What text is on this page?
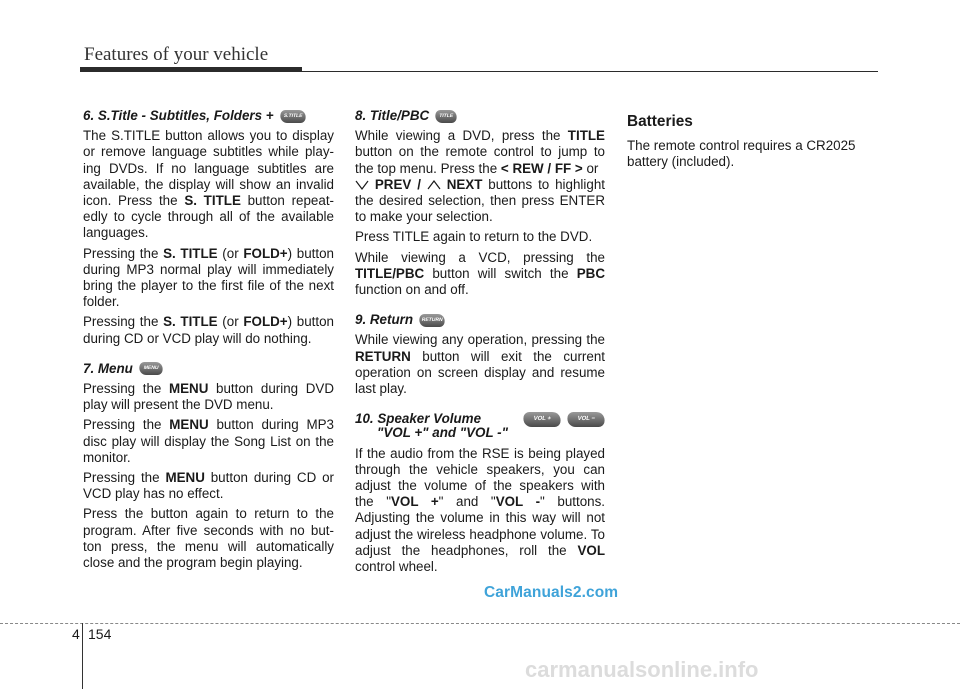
Features of your vehicle
6. S.Title - Subtitles, Folders +	S.TITLE

The S.TITLE button allows you to display or remove language subtitles while play-ing DVDs. If no language subtitles are available, the display will show an invalid icon. Press the S. TITLE button repeat-edly to cycle through all of the available languages.

Pressing the S. TITLE (or FOLD+) button during MP3 normal play will immediately bring the player to the first file of the next folder.

Pressing the S. TITLE (or FOLD+) button during CD or VCD play will do nothing.

7. Menu	MENU

Pressing the MENU button during DVD play will present the DVD menu.

Pressing the MENU button during MP3 disc play will display the Song List on the monitor.

Pressing the MENU button during CD or VCD play has no effect.

Press the button again to return to the program. After five seconds with no but-ton press, the menu will automatically close and the program begin playing.

8. Title/PBC	TITLE

While viewing a DVD, press the TITLE button on the remote control to jump to the top menu. Press the < REW / FF > or
PREV / NEXT buttons to highlight the desired selection, then press ENTER to make your selection.

Press TITLE again to return to the DVD.

While viewing a VCD, pressing the TITLE/PBC button will switch the PBC function on and off.

9. Return	RETURN

While viewing any operation, pressing the RETURN button will exit the current operation on screen display and resume last play.

10. Speaker Volume	VOL +	VOL −
"VOL +" and "VOL -"

If the audio from the RSE is being played through the vehicle speakers, you can adjust the volume of the speakers with the "VOL +" and "VOL -" buttons. Adjusting the volume in this way will not adjust the wireless headphone volume. To adjust the headphones, roll the VOL control wheel.

Batteries

The remote control requires a CR2025 battery (included).

CarManuals2.com
4 154
carmanualsonline.info
